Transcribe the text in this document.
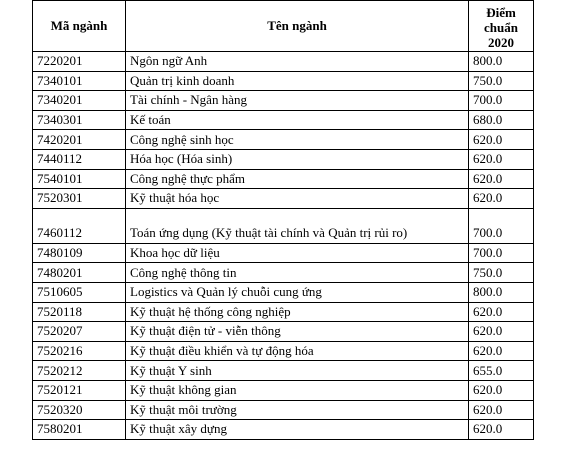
Mã ngành	Tên ngành	Điểm
chuẩn
2020
7220201	Ngôn ngữ Anh	800.0
7340101	Quản trị kinh doanh	750.0
7340201	Tài chính - Ngân hàng	700.0
7340301	Kế toán	680.0
7420201	Công nghệ sinh học	620.0
7440112	Hóa học (Hóa sinh)	620.0
7540101	Công nghệ thực phẩm	620.0
7520301	Kỹ thuật hóa học	620.0
7460112	Toán ứng dụng (Kỹ thuật tài chính và Quản trị rủi ro)	700.0
7480109	Khoa học dữ liệu	700.0
7480201	Công nghệ thông tin	750.0
7510605	Logistics và Quản lý chuỗi cung ứng	800.0
7520118	Kỹ thuật hệ thống công nghiệp	620.0
7520207	Kỹ thuật điện tử - viễn thông	620.0
7520216	Kỹ thuật điều khiển và tự động hóa	620.0
7520212	Kỹ thuật Y sinh	655.0
7520121	Kỹ thuật không gian	620.0
7520320	Kỹ thuật môi trường	620.0
7580201	Kỹ thuật xây dựng	620.0
